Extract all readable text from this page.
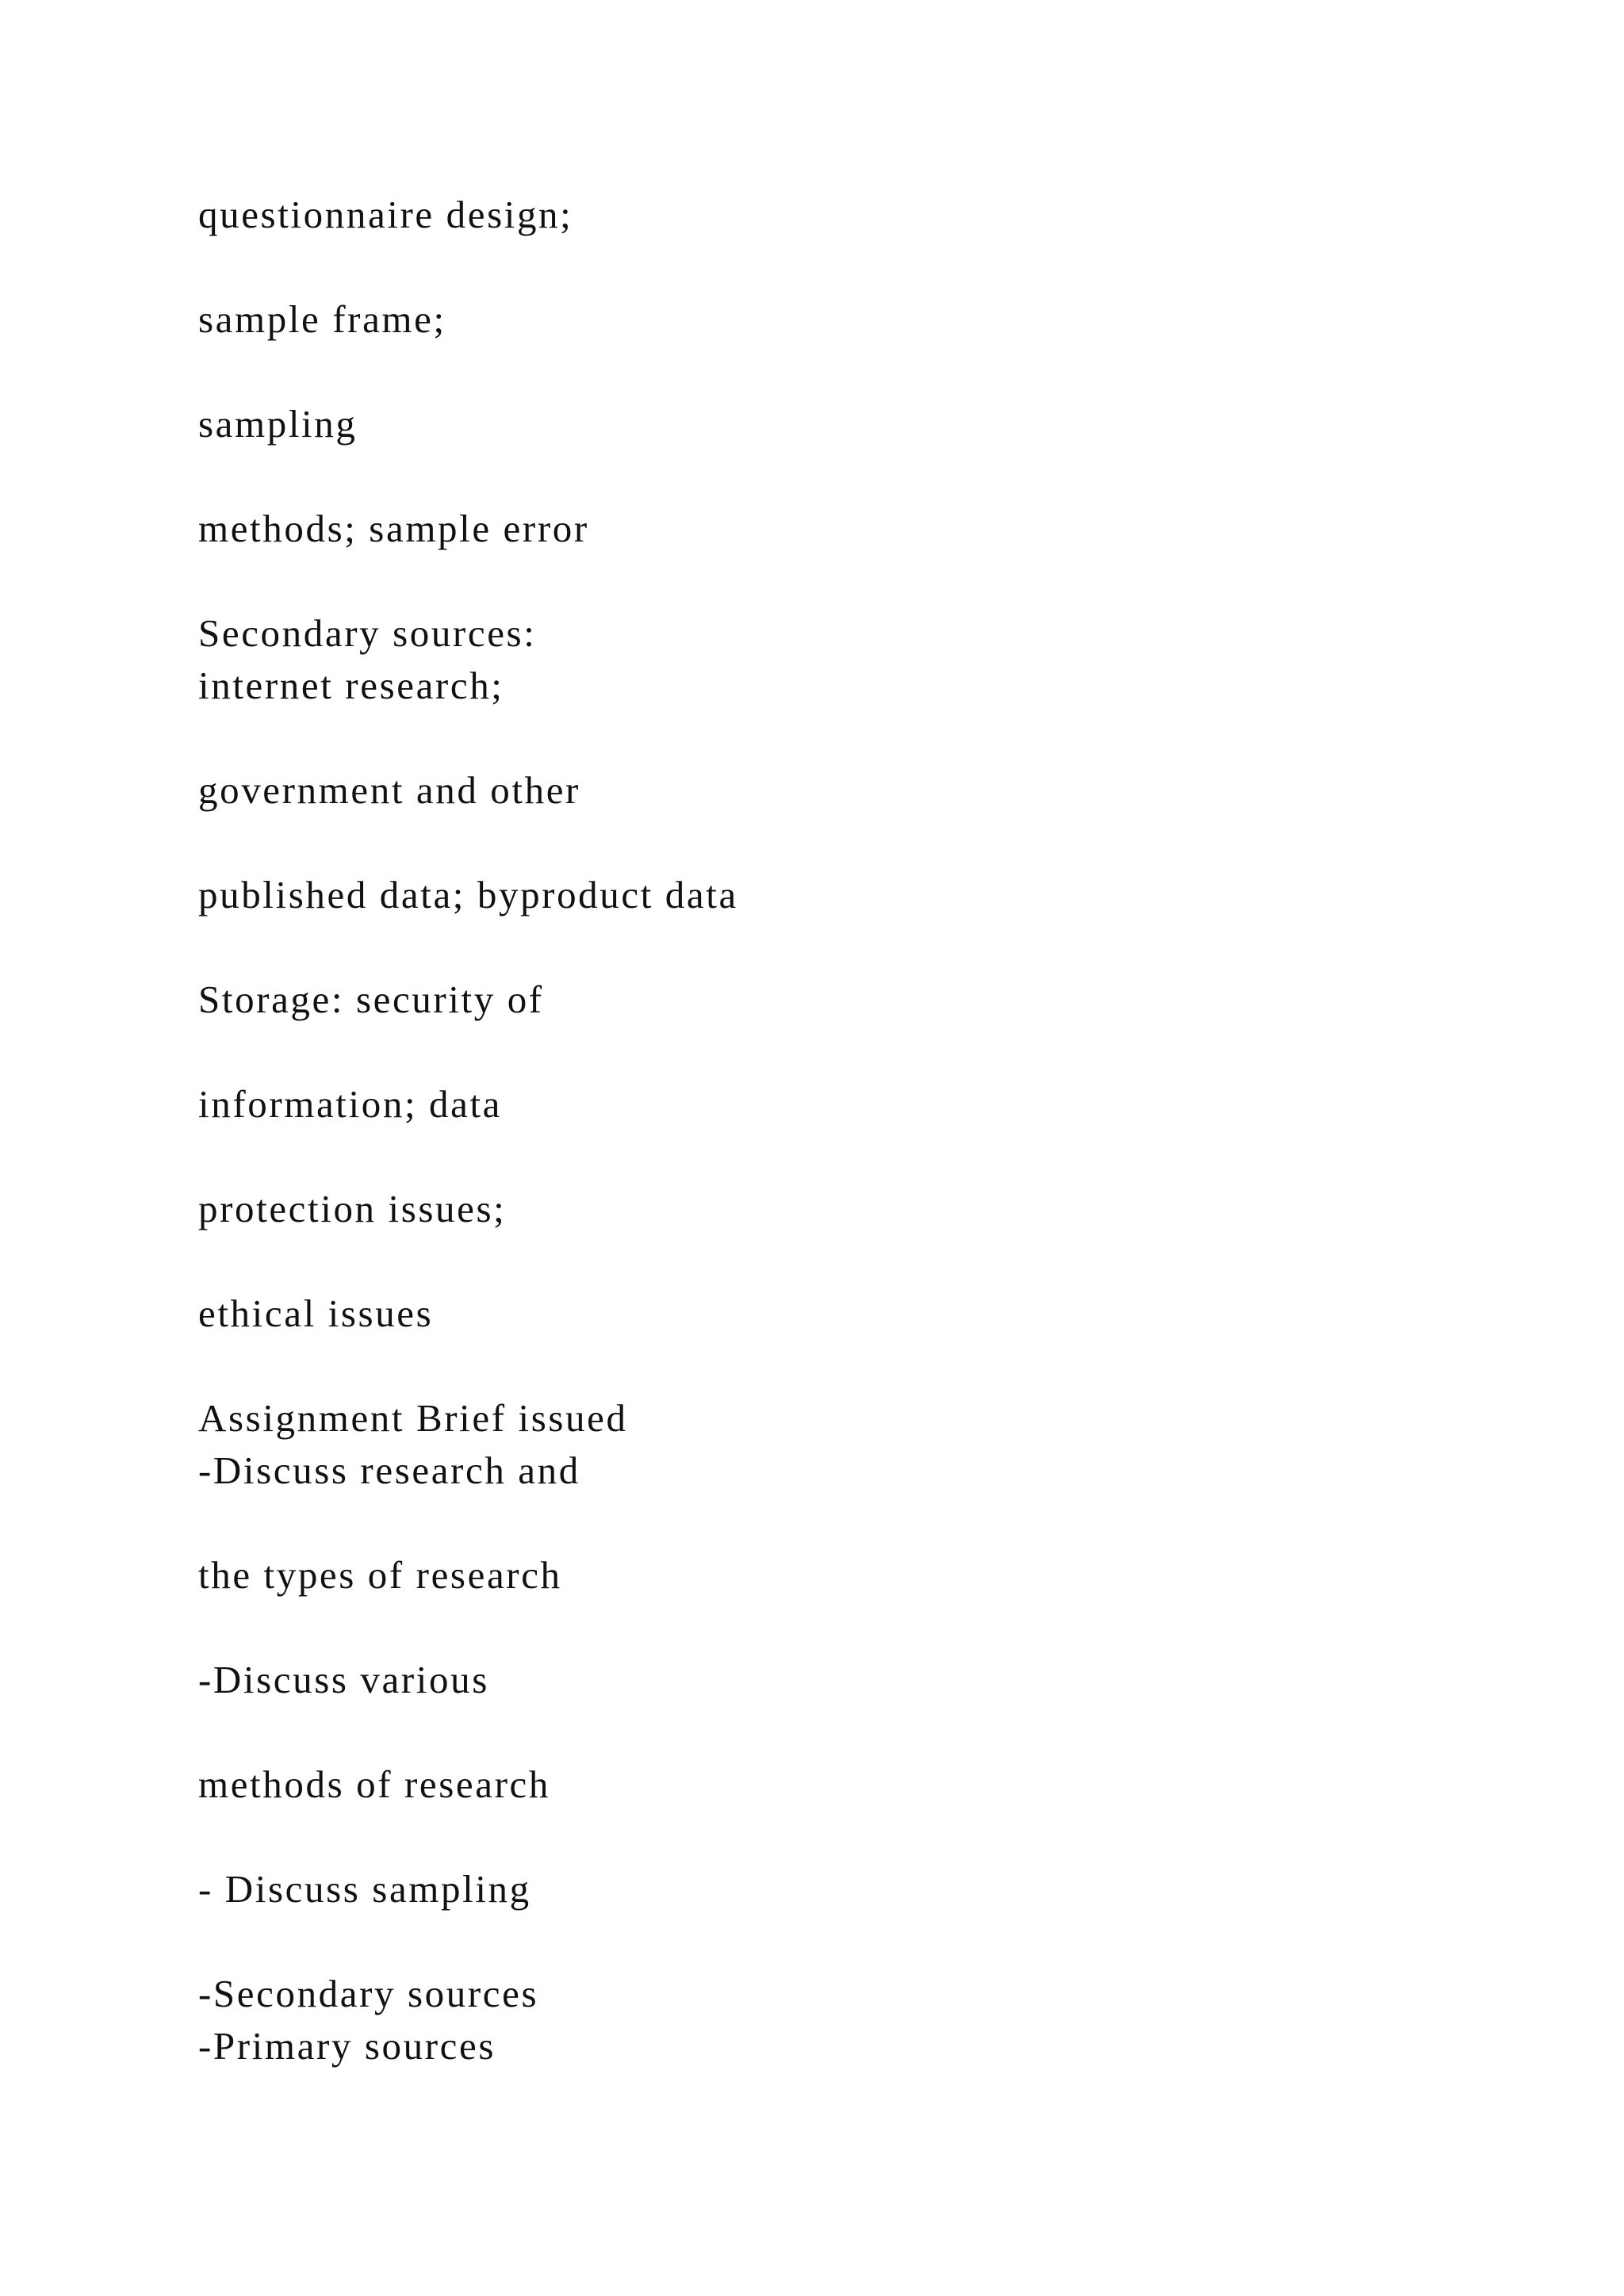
questionnaire design;

sample frame;

sampling

methods; sample error

Secondary sources:
internet research;

government and other

published data; byproduct data

Storage: security of

information; data

protection issues;

ethical issues

Assignment Brief issued
-Discuss research and

the types of research

-Discuss various

methods of research

- Discuss sampling

-Secondary sources
-Primary sources
